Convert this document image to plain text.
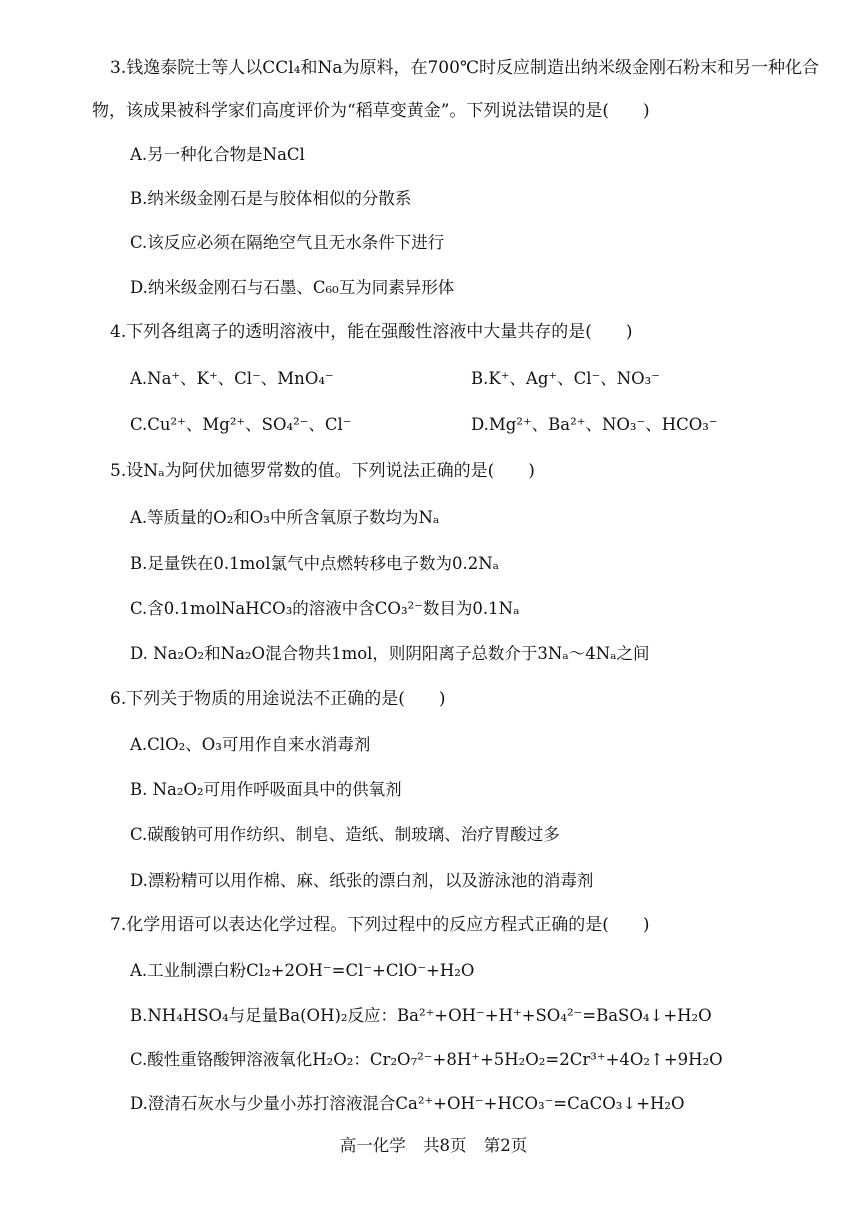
3.钱逸泰院士等人以CCl₄和Na为原料，在700℃时反应制造出纳米级金刚石粉末和另一种化合
物，该成果被科学家们高度评价为“稻草变黄金”。下列说法错误的是(　　)
A.另一种化合物是NaCl
B.纳米级金刚石是与胶体相似的分散系
C.该反应必须在隔绝空气且无水条件下进行
D.纳米级金刚石与石墨、C₆₀互为同素异形体
4.下列各组离子的透明溶液中，能在强酸性溶液中大量共存的是(　　)
A.Na⁺、K⁺、Cl⁻、MnO₄⁻	B.K⁺、Ag⁺、Cl⁻、NO₃⁻
C.Cu²⁺、Mg²⁺、SO₄²⁻、Cl⁻	D.Mg²⁺、Ba²⁺、NO₃⁻、HCO₃⁻
5.设Nₐ为阿伏加德罗常数的值。下列说法正确的是(　　)
A.等质量的O₂和O₃中所含氧原子数均为Nₐ
B.足量铁在0.1mol氯气中点燃转移电子数为0.2Nₐ
C.含0.1molNaHCO₃的溶液中含CO₃²⁻数目为0.1Nₐ
D. Na₂O₂和Na₂O混合物共1mol，则阴阳离子总数介于3Nₐ～4Nₐ之间
6.下列关于物质的用途说法不正确的是(　　)
A.ClO₂、O₃可用作自来水消毒剂
B. Na₂O₂可用作呼吸面具中的供氧剂
C.碳酸钠可用作纺织、制皂、造纸、制玻璃、治疗胃酸过多
D.漂粉精可以用作棉、麻、纸张的漂白剂，以及游泳池的消毒剂
7.化学用语可以表达化学过程。下列过程中的反应方程式正确的是(　　)
A.工业制漂白粉Cl₂+2OH⁻=Cl⁻+ClO⁻+H₂O
B.NH₄HSO₄与足量Ba(OH)₂反应：Ba²⁺+OH⁻+H⁺+SO₄²⁻=BaSO₄↓+H₂O
C.酸性重铬酸钾溶液氧化H₂O₂：Cr₂O₇²⁻+8H⁺+5H₂O₂=2Cr³⁺+4O₂↑+9H₂O
D.澄清石灰水与少量小苏打溶液混合Ca²⁺+OH⁻+HCO₃⁻=CaCO₃↓+H₂O
高一化学 共8页 第2页
